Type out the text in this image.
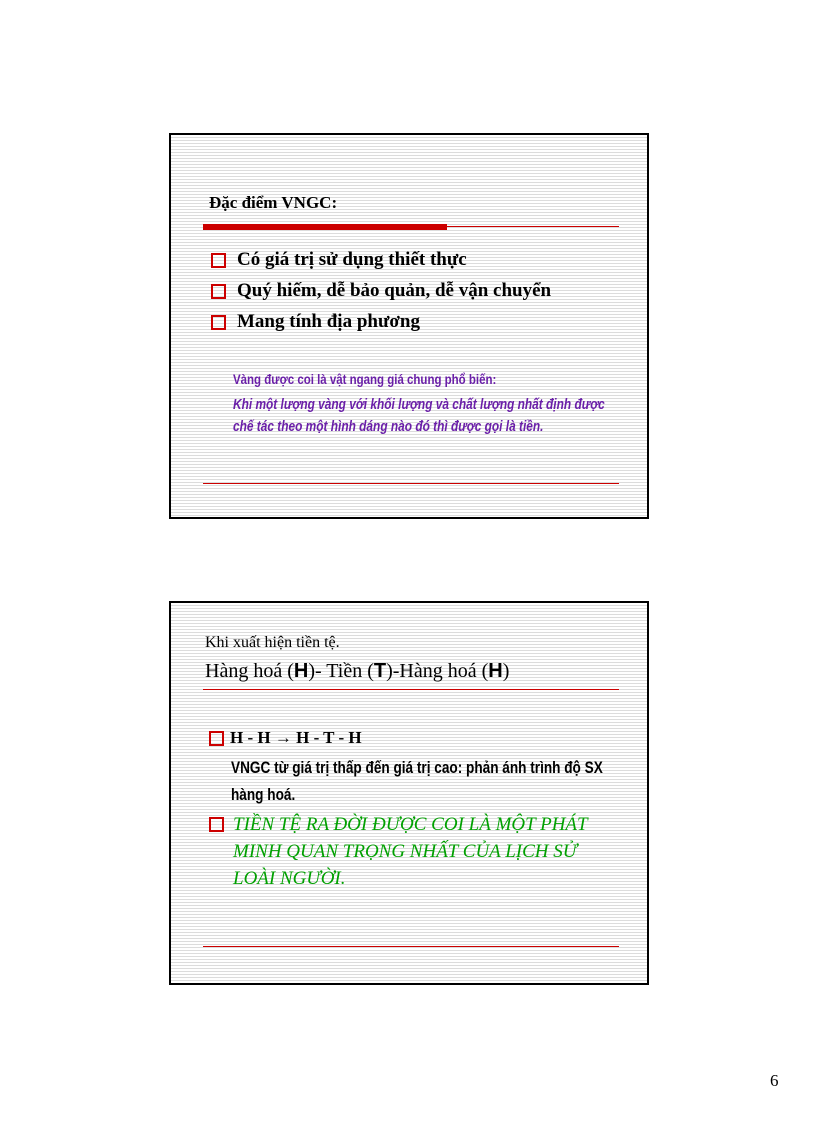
Đặc điểm VNGC:
Có giá trị sử dụng thiết thực
Quý hiếm, dễ bảo quản, dễ vận chuyển
Mang tính địa phương
Vàng được coi là vật ngang giá chung phổ biến:
Khi một lượng vàng với khối lượng và chất lượng nhất định được chế tác theo một hình dáng nào đó thì được gọi là tiền.
Khi xuất hiện tiền tệ.
Hàng hoá (H)- Tiền (T)-Hàng hoá (H)
H - H → H - T - H
VNGC từ giá trị thấp đến giá trị cao: phản ánh trình độ SX hàng hoá.
TIỀN TỆ RA ĐỜI ĐƯỢC COI LÀ MỘT PHÁT MINH QUAN TRỌNG NHẤT CỦA LỊCH SỬ LOÀI NGƯỜI.
6
